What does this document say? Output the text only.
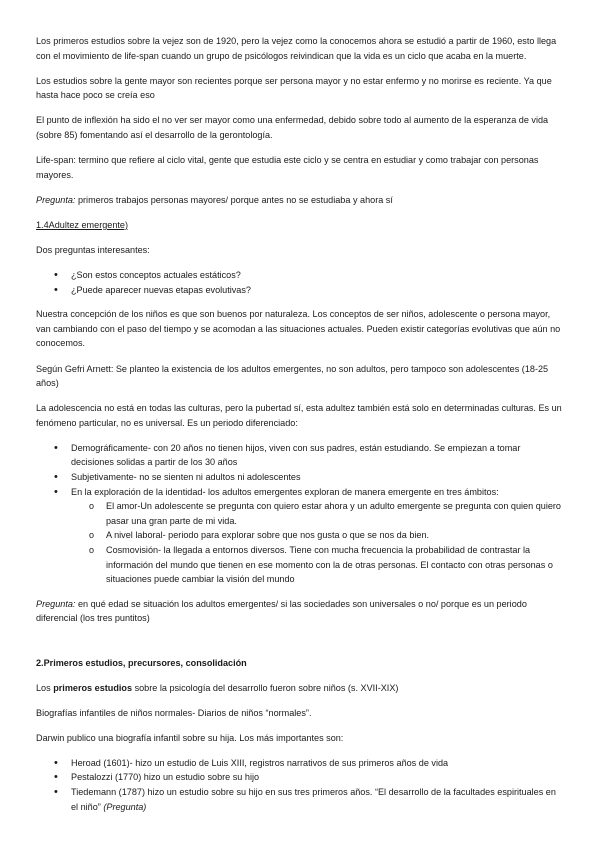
Los primeros estudios sobre la vejez son de 1920, pero la vejez como la conocemos ahora se estudió a partir de 1960, esto llega con el movimiento de life-span cuando un grupo de psicólogos reivindican que la vida es un ciclo que acaba en la muerte.

Los estudios sobre la gente mayor son recientes porque ser persona mayor y no estar enfermo y no morirse es reciente. Ya que hasta hace poco se creía eso

El punto de inflexión ha sido el no ver ser mayor como una enfermedad, debido sobre todo al aumento de la esperanza de vida (sobre 85) fomentando así el desarrollo de la gerontología.

Life-span: termino que refiere al ciclo vital, gente que estudia este ciclo y se centra en estudiar y como trabajar con personas mayores.

Pregunta: primeros trabajos personas mayores/ porque antes no se estudiaba y ahora sí

1.4Adultez emergente)

Dos preguntas interesantes:

• ¿Son estos conceptos actuales estáticos?
• ¿Puede aparecer nuevas etapas evolutivas?

Nuestra concepción de los niños es que son buenos por naturaleza. Los conceptos de ser niños, adolescente o persona mayor, van cambiando con el paso del tiempo y se acomodan a las situaciones actuales. Pueden existir categorías evolutivas que aún no conocemos.

Según Gefri Arnett: Se planteo la existencia de los adultos emergentes, no son adultos, pero tampoco son adolescentes (18-25 años)

La adolescencia no está en todas las culturas, pero la pubertad sí, esta adultez también está solo en determinadas culturas. Es un fenómeno particular, no es universal. Es un periodo diferenciado:

• Demográficamente- con 20 años no tienen hijos, viven con sus padres, están estudiando. Se empiezan a tomar decisiones solidas a partir de los 30 años
• Subjetivamente- no se sienten ni adultos ni adolescentes
• En la exploración de la identidad- los adultos emergentes exploran de manera emergente en tres ámbitos:
o El amor-Un adolescente se pregunta con quiero estar ahora y un adulto emergente se pregunta con quien quiero pasar una gran parte de mi vida.
o A nivel laboral- periodo para explorar sobre que nos gusta o que se nos da bien.
o Cosmovisión- la llegada a entornos diversos. Tiene con mucha frecuencia la probabilidad de contrastar la información del mundo que tienen en ese momento con la de otras personas. El contacto con otras personas o situaciones puede cambiar la visión del mundo

Pregunta: en qué edad se situación los adultos emergentes/ si las sociedades son universales o no/ porque es un periodo diferencial (los tres puntitos)

2.Primeros estudios, precursores, consolidación

Los primeros estudios sobre la psicología del desarrollo fueron sobre niños (s. XVII-XIX)

Biografías infantiles de niños normales- Diarios de niños “normales”.

Darwin publico una biografía infantil sobre su hija. Los más importantes son:

• Heroad (1601)- hizo un estudio de Luis XIII, registros narrativos de sus primeros años de vida
• Pestalozzi (1770) hizo un estudio sobre su hijo
• Tiedemann (1787) hizo un estudio sobre su hijo en sus tres primeros años. “El desarrollo de la facultades espirituales en el niño” (Pregunta)
